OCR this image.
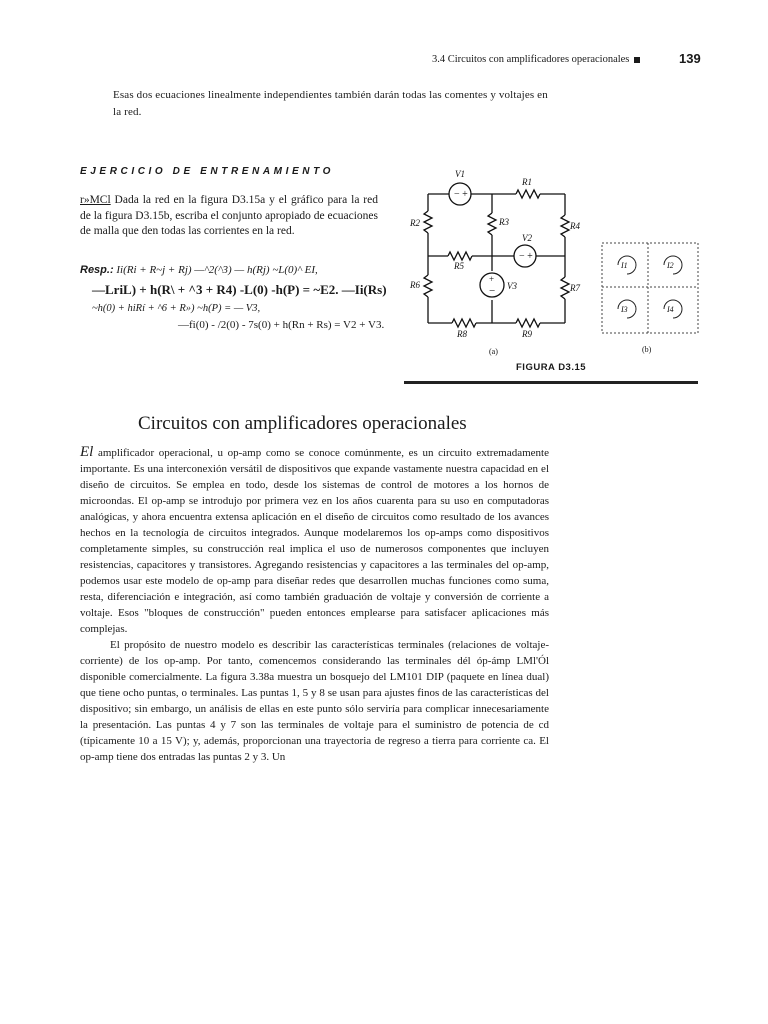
3.4 Circuitos con amplificadores operacionales	139
Esas dos ecuaciones linealmente independientes también darán todas las comentes y voltajes en la red.
EJERCICIO DE ENTRENAMIENTO
r»MCl Dada la red en la figura D3.15a y el gráfico para la red de la figura D3.15b, escriba el conjunto apropiado de ecuaciones de malla que den todas las corrientes en la red.
Resp.: Ii(Ri + R~j + Rj) —^2(^3) — h(Rj) ~L(0)^ EI,
—LriL) + h(R\ + ^3 + R4) -L(0) -h(P) = ~E2. —Ii(Rs)
~h(0) + hiRí + ^6 + R») ~h(P) = — V3,
—fi(0) - /2(0) - 7s(0) + h(Rn + Rs) = V2 + V3.
− +
− +
+
−
V1
V2
V3
R1
R2	R3	R4
R5
R6	R7
R8	R9
(a)
I1	I2
I3	I4
(b)
FIGURA D3.15
Circuitos con amplificadores operacionales

El amplificador operacional, u op-amp como se conoce comúnmente, es un circuito extremadamente importante. Es una interconexión versátil de dispositivos que expande vastamente nuestra capacidad en el diseño de circuitos. Se emplea en todo, desde los sistemas de control de motores a los hornos de microondas. El op-amp se introdujo por primera vez en los años cuarenta para su uso en computadoras analógicas, y ahora encuentra extensa aplicación en el diseño de circuitos como resultado de los avances hechos en la tecnología de circuitos integrados. Aunque modelaremos los op-amps como dispositivos completamente simples, su construcción real implica el uso de numerosos componentes que incluyen resistencias, capacitores y transistores. Agregando resistencias y capacitores a las terminales del op-amp, podemos usar este modelo de op-amp para diseñar redes que desarrollen muchas funciones como suma, resta, diferenciación e integración, así como también graduación de voltaje y conversión de corriente a voltaje. Esos "bloques de construcción" pueden entonces emplearse para satisfacer aplicaciones más complejas.

El propósito de nuestro modelo es describir las características terminales (relaciones de voltaje-corriente) de los op-amp. Por tanto, comencemos considerando las terminales dél óp-ámp LMl'Ól disponible comercialmente. La figura 3.38a muestra un bosquejo del LM101 DIP (paquete en línea dual) que tiene ocho puntas, o terminales. Las puntas 1, 5 y 8 se usan para ajustes finos de las características del dispositivo; sin embargo, un análisis de ellas en este punto sólo serviría para complicar innecesariamente la presentación. Las puntas 4 y 7 son las terminales de voltaje para el suministro de potencia de cd (típicamente 10 a 15 V); y, además, proporcionan una trayectoria de regreso a tierra para corriente ca. El op-amp tiene dos entradas las puntas 2 y 3. Un
